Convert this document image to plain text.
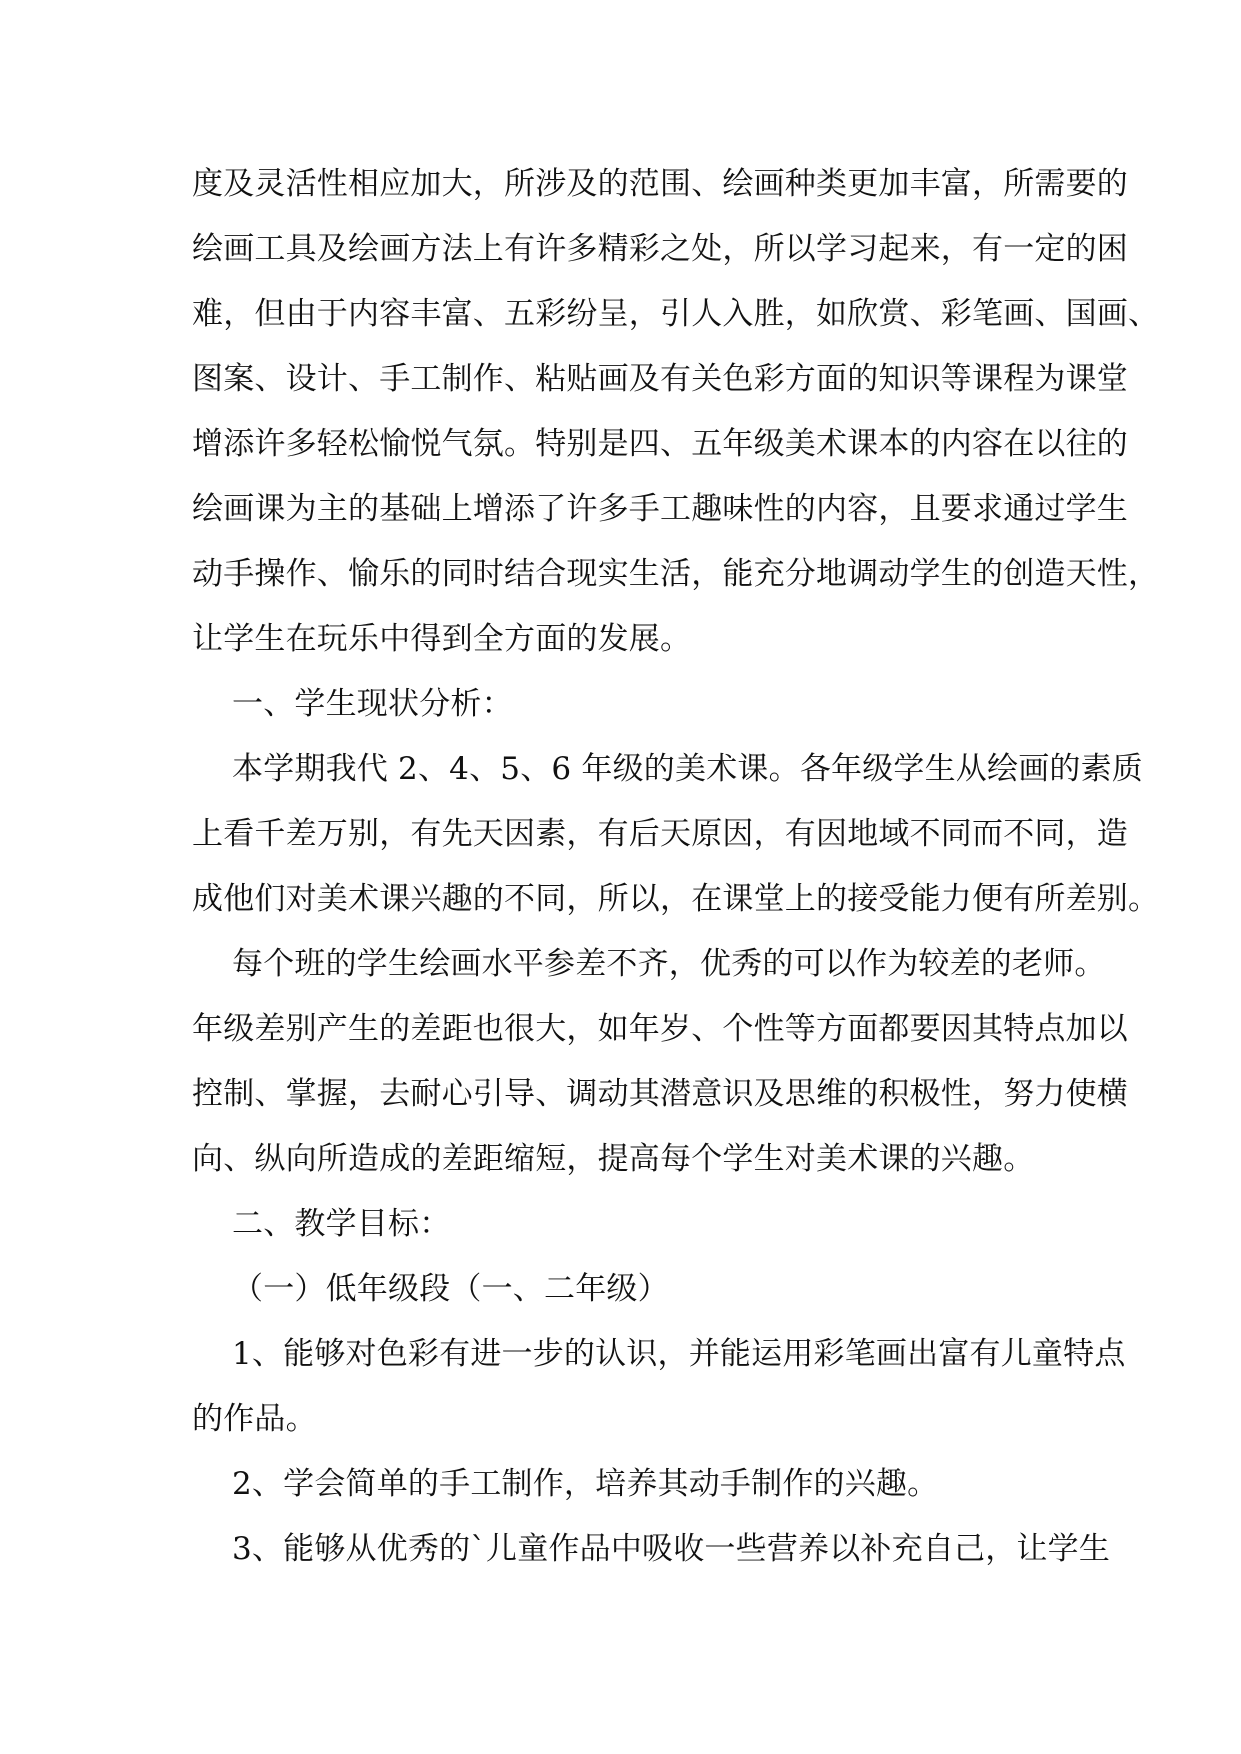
度及灵活性相应加大，所涉及的范围、绘画种类更加丰富，所需要的

绘画工具及绘画方法上有许多精彩之处，所以学习起来，有一定的困

难，但由于内容丰富、五彩纷呈，引人入胜，如欣赏、彩笔画、国画、

图案、设计、手工制作、粘贴画及有关色彩方面的知识等课程为课堂

增添许多轻松愉悦气氛。特别是四、五年级美术课本的内容在以往的

绘画课为主的基础上增添了许多手工趣味性的内容，且要求通过学生

动手操作、愉乐的同时结合现实生活，能充分地调动学生的创造天性，

让学生在玩乐中得到全方面的发展。

一、学生现状分析：

本学期我代 2、4、5、6 年级的美术课。各年级学生从绘画的素质

上看千差万别，有先天因素，有后天原因，有因地域不同而不同，造

成他们对美术课兴趣的不同，所以，在课堂上的接受能力便有所差别。

每个班的学生绘画水平参差不齐，优秀的可以作为较差的老师。

年级差别产生的差距也很大，如年岁、个性等方面都要因其特点加以

控制、掌握，去耐心引导、调动其潜意识及思维的积极性，努力使横

向、纵向所造成的差距缩短，提高每个学生对美术课的兴趣。

二、教学目标：

（一）低年级段（一、二年级）

1、能够对色彩有进一步的认识，并能运用彩笔画出富有儿童特点

的作品。

2、学会简单的手工制作，培养其动手制作的兴趣。

3、能够从优秀的`儿童作品中吸收一些营养以补充自己，让学生
